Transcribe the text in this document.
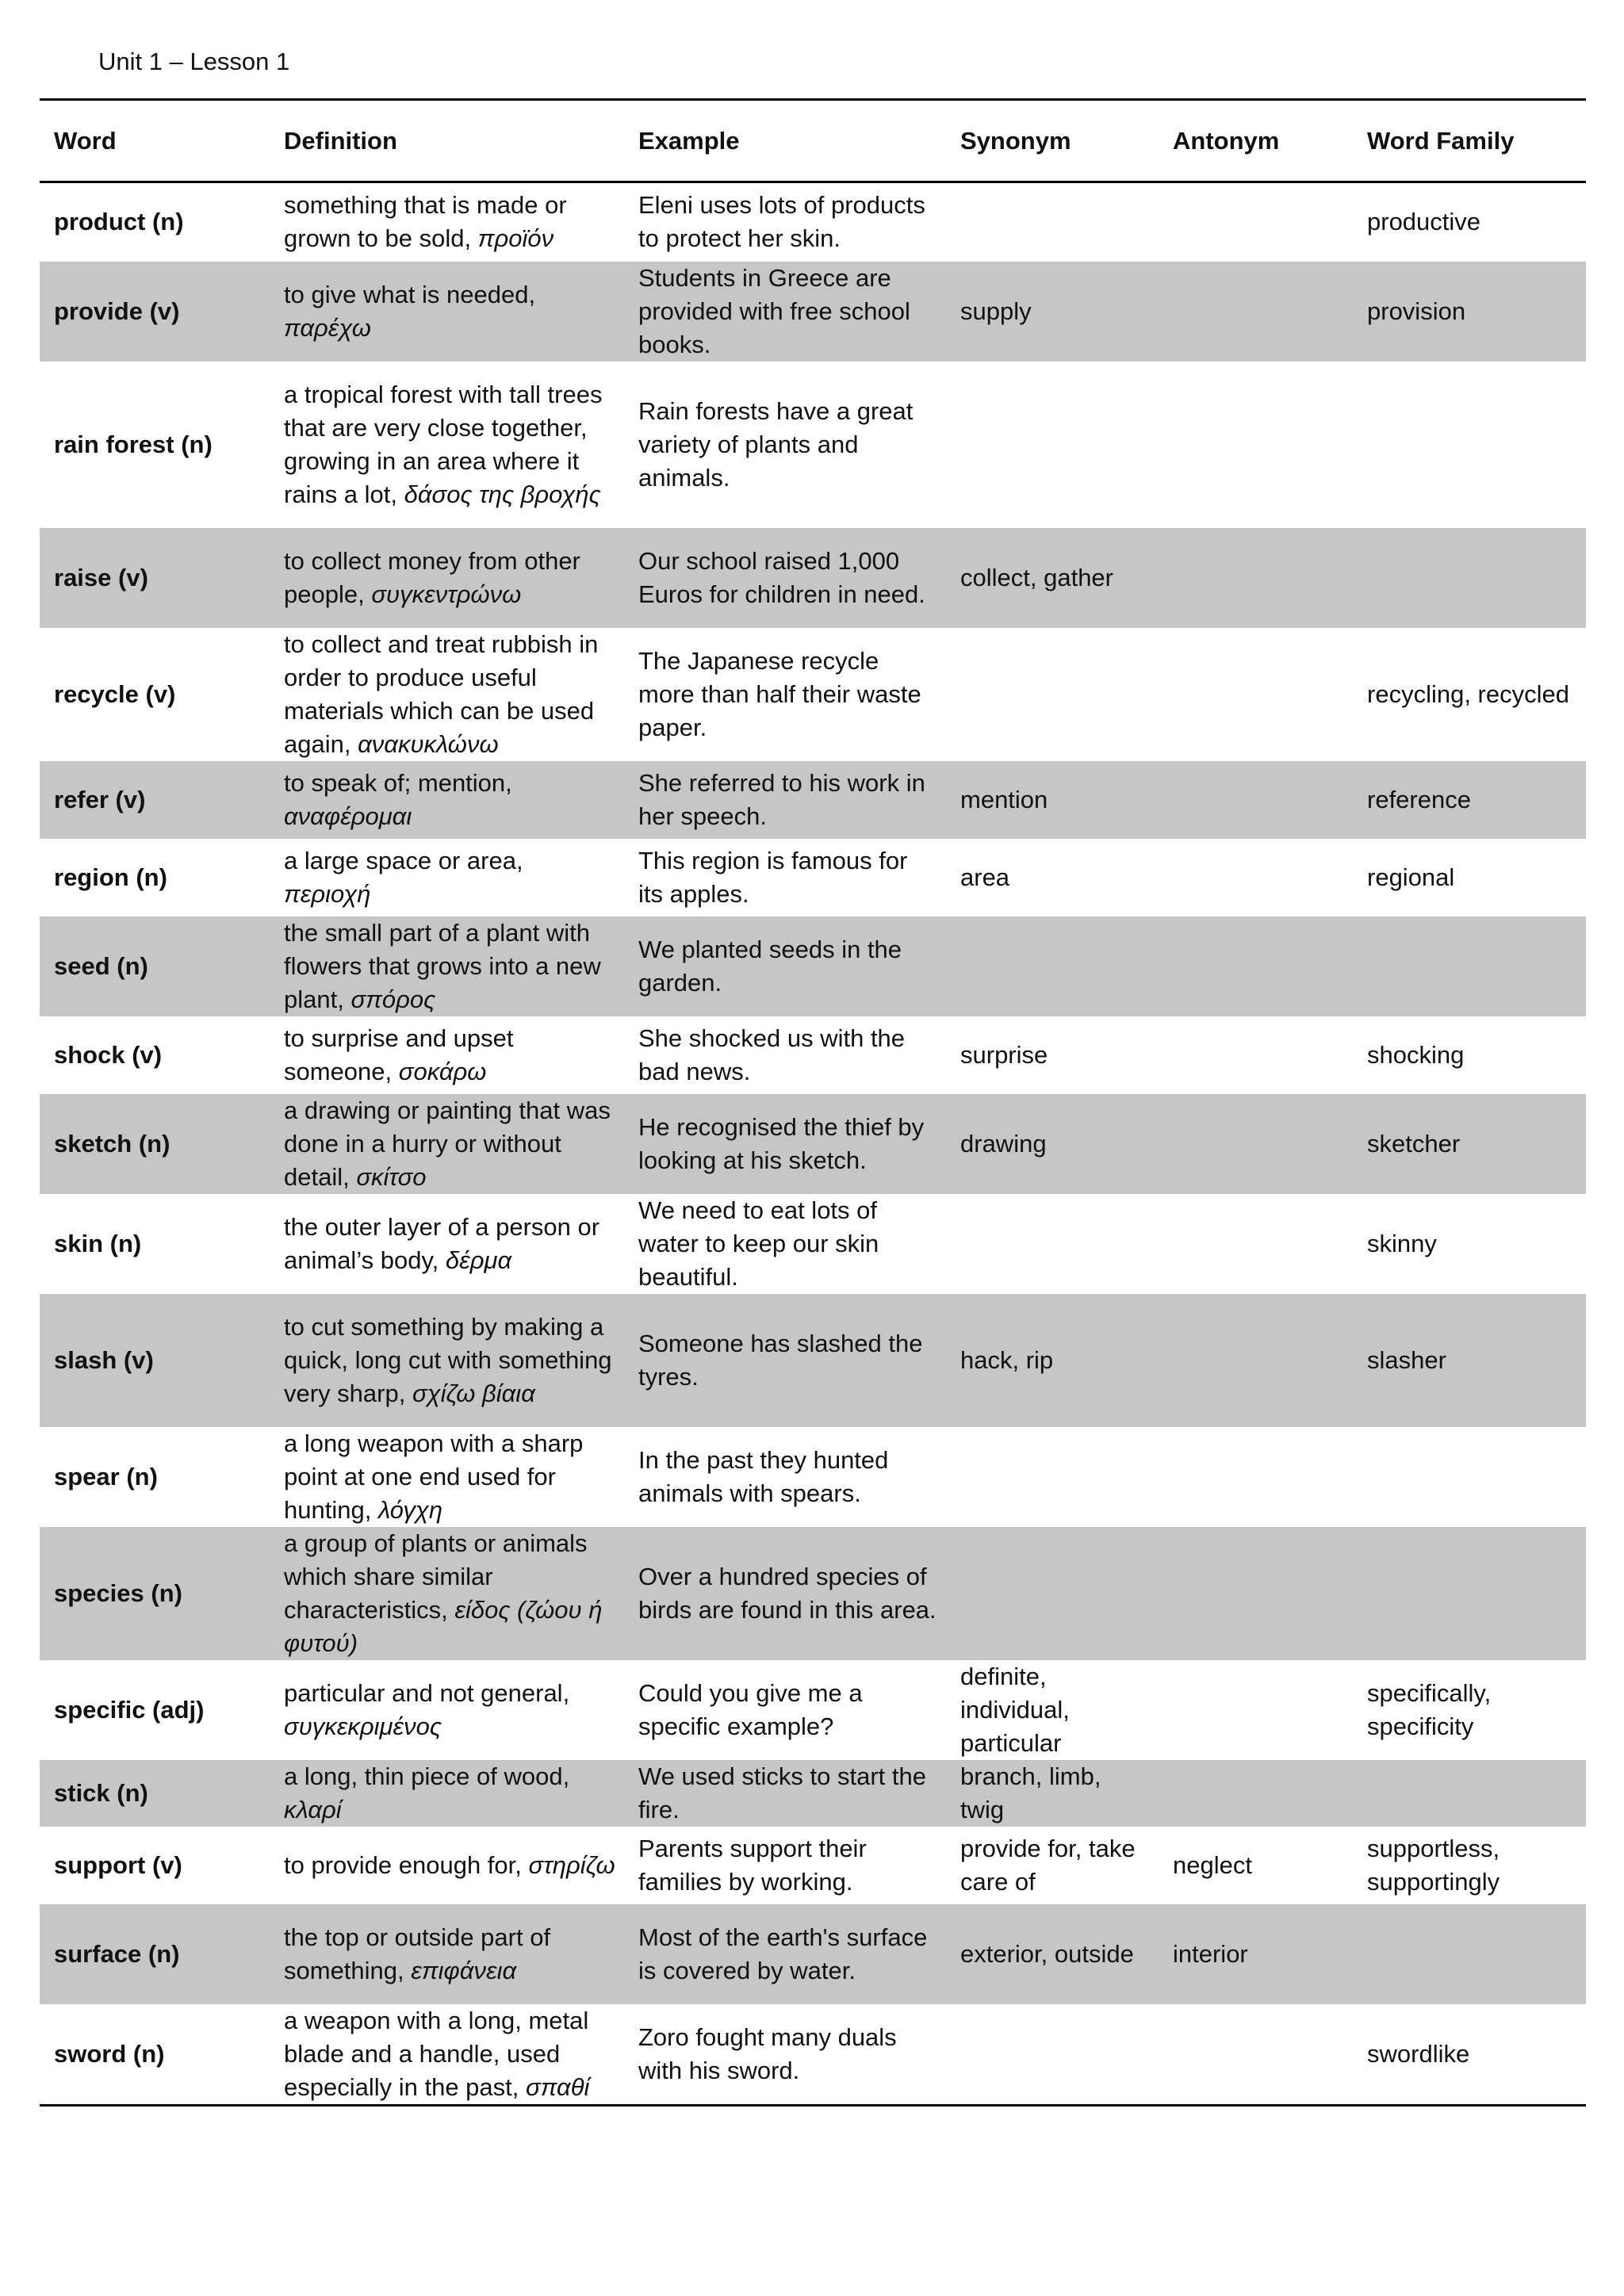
Unit 1 – Lesson 1
Word	Definition	Example	Synonym	Antonym	Word Family
product (n)	something that is made or grown to be sold, προϊόν	Eleni uses lots of products to protect her skin.			productive
provide (v)	to give what is needed, παρέχω	Students in Greece are provided with free school books.	supply		provision
rain forest (n)	a tropical forest with tall trees that are very close together, growing in an area where it rains a lot, δάσος της βροχής	Rain forests have a great variety of plants and animals.			
raise (v)	to collect money from other people, συγκεντρώνω	Our school raised 1,000 Euros for children in need.	collect, gather		
recycle (v)	to collect and treat rubbish in order to produce useful materials which can be used again, ανακυκλώνω	The Japanese recycle more than half their waste paper.			recycling, recycled
refer (v)	to speak of; mention, αναφέρομαι	She referred to his work in her speech.	mention		reference
region (n)	a large space or area, περιοχή	This region is famous for its apples.	area		regional
seed (n)	the small part of a plant with flowers that grows into a new plant, σπόρος	We planted seeds in the garden.			
shock (v)	to surprise and upset someone, σοκάρω	She shocked us with the bad news.	surprise		shocking
sketch (n)	a drawing or painting that was done in a hurry or without detail, σκίτσο	He recognised the thief by looking at his sketch.	drawing		sketcher
skin (n)	the outer layer of a person or animal’s body, δέρμα	We need to eat lots of water to keep our skin beautiful.			skinny
slash (v)	to cut something by making a quick, long cut with something very sharp, σχίζω βίαια	Someone has slashed the tyres.	hack, rip		slasher
spear (n)	a long weapon with a sharp point at one end used for hunting, λόγχη	In the past they hunted animals with spears.			
species (n)	a group of plants or animals which share similar characteristics, είδος (ζώου ή φυτού)	Over a hundred species of birds are found in this area.			
specific (adj)	particular and not general, συγκεκριμένος	Could you give me a specific example?	definite, individual, particular		specifically, specificity
stick (n)	a long, thin piece of wood, κλαρί	We used sticks to start the fire.	branch, limb, twig		
support (v)	to provide enough for, στηρίζω	Parents support their families by working.	provide for, take care of	neglect	supportless, supportingly
surface (n)	the top or outside part of something, επιφάνεια	Most of the earth's surface is covered by water.	exterior, outside	interior	
sword (n)	a weapon with a long, metal blade and a handle, used especially in the past, σπαθί	Zoro fought many duals with his sword.			swordlike
